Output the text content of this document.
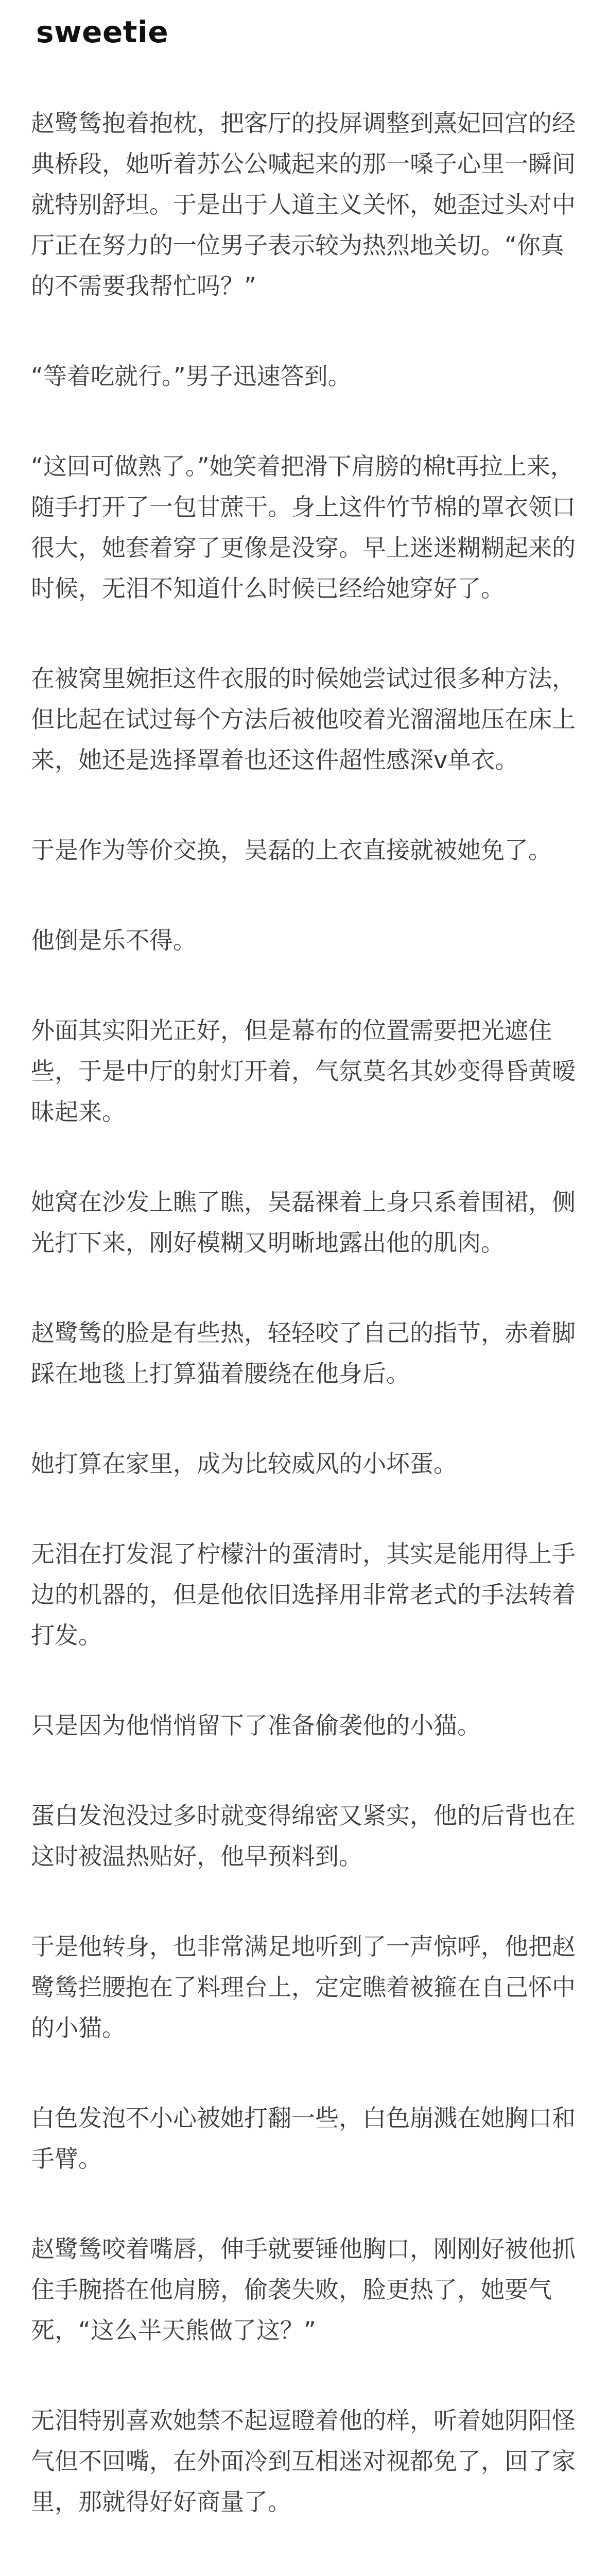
sweetie

赵鹭鸶抱着抱枕，把客厅的投屏调整到熹妃回宫的经典桥段，她听着苏公公喊起来的那一嗓子心里一瞬间就特别舒坦。于是出于人道主义关怀，她歪过头对中厅正在努力的一位男子表示较为热烈地关切。“你真的不需要我帮忙吗？”

“等着吃就行。”男子迅速答到。

“这回可做熟了。”她笑着把滑下肩膀的棉t再拉上来，随手打开了一包甘蔗干。身上这件竹节棉的罩衣领口很大，她套着穿了更像是没穿。早上迷迷糊糊起来的时候，无泪不知道什么时候已经给她穿好了。

在被窝里婉拒这件衣服的时候她尝试过很多种方法，但比起在试过每个方法后被他咬着光溜溜地压在床上来，她还是选择罩着也还这件超性感深v单衣。

于是作为等价交换，吴磊的上衣直接就被她免了。

他倒是乐不得。

外面其实阳光正好，但是幕布的位置需要把光遮住些，于是中厅的射灯开着，气氛莫名其妙变得昏黄暧昧起来。

她窝在沙发上瞧了瞧，吴磊裸着上身只系着围裙，侧光打下来，刚好模糊又明晰地露出他的肌肉。

赵鹭鸶的脸是有些热，轻轻咬了自己的指节，赤着脚踩在地毯上打算猫着腰绕在他身后。

她打算在家里，成为比较威风的小坏蛋。

无泪在打发混了柠檬汁的蛋清时，其实是能用得上手边的机器的，但是他依旧选择用非常老式的手法转着打发。

只是因为他悄悄留下了准备偷袭他的小猫。

蛋白发泡没过多时就变得绵密又紧实，他的后背也在这时被温热贴好，他早预料到。

于是他转身，也非常满足地听到了一声惊呼，他把赵鹭鸶拦腰抱在了料理台上，定定瞧着被箍在自己怀中的小猫。

白色发泡不小心被她打翻一些，白色崩溅在她胸口和手臂。

赵鹭鸶咬着嘴唇，伸手就要锤他胸口，刚刚好被他抓住手腕搭在他肩膀，偷袭失败，脸更热了，她要气死，“这么半天熊做了这？”

无泪特别喜欢她禁不起逗瞪着他的样，听着她阴阳怪气但不回嘴，在外面冷到互相迷对视都免了，回了家里，那就得好好商量了。
